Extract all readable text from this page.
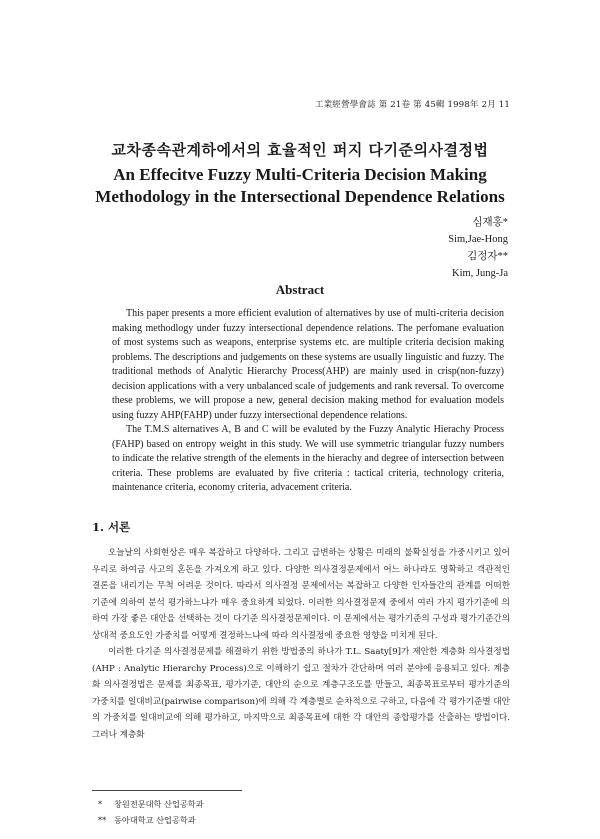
工業經營學會誌 第 21卷 第 45輯 1998年 2月 11
교차종속관계하에서의 효율적인 퍼지 다기준의사결정법
An Effecitve Fuzzy Multi-Criteria Decision Making
Methodology in the Intersectional Dependence Relations
심재홍*
Sim,Jae-Hong
김정자**
Kim, Jung-Ja
Abstract

This paper presents a more efficient evalution of alternatives by use of multi-criteria decision making methodlogy under fuzzy intersectional dependence relations. The perfomane evaluation of most systems such as weapons, enterprise systems etc. are multiple criteria decision making problems. The descriptions and judgements on these systems are usually linguistic and fuzzy. The traditional methods of Analytic Hierarchy Process(AHP) are mainly used in crisp(non-fuzzy) decision applications with a very unbalanced scale of judgements and rank reversal. To overcome these problems, we will propose a new, general decision making method for evaluation models using fuzzy AHP(FAHP) under fuzzy intersectional dependence relations.

The T.M.S alternatives A, B and C will be evaluted by the Fuzzy Analytic Hierachy Process (FAHP) based on entropy weight in this study. We will use symmetric triangular fuzzy numbers to indicate the relative strength of the elements in the hierachy and degree of intersection between criteria. These problems are evaluated by five criteria : tactical criteria, technology criteria, maintenance criteria, economy criteria, advacement criteria.

1. 서론

오늘날의 사회현상은 매우 복잡하고 다양하다. 그리고 급변하는 상황은 미래의 불확실성을 가중시키고 있어 우리로 하여금 사고의 혼돈을 가져오게 하고 있다. 다양한 의사결정문제에서 어느 하나라도 명확하고 객관적인 결론을 내리기는 무척 어려운 것이다. 따라서 의사결정 문제에서는 복잡하고 다양한 인자들간의 관계를 어떠한 기준에 의하여 분석 평가하느냐가 매우 중요하게 되었다. 이러한 의사결정문제 중에서 여러 가지 평가기준에 의하여 가장 좋은 대안을 선택하는 것이 다기준 의사결정문제이다. 이 문제에서는 평가기준의 구성과 평가기준간의 상대적 중요도인 가중치를 어떻게 결정하느냐에 따라 의사결정에 중요한 영향을 미치게 된다.

이러한 다기준 의사결정문제를 해결하기 위한 방법중의 하나가 T.L. Saaty[9]가 제안한 계층화 의사결정법(AHP : Analytic Hierarchy Process)으로 이해하기 쉽고 절차가 간단하며 여러 분야에 응용되고 있다. 계층화 의사결정법은 문제를 최종목표, 평가기준, 대안의 순으로 계층구조도를 만들고, 최종목표로부터 평가기준의 가중치를 일대비교(pairwise comparison)에 의해 각 계층별로 순차적으로 구하고, 다음에 각 평가기준별 대안의 가중치를 일대비교에 의해 평가하고, 마지막으로 최종목표에 대한 각 대안의 종합평가를 산출하는 방법이다. 그러나 계층화

* 창원전문대학 산업공학과
** 동아대학교 산업공학과
